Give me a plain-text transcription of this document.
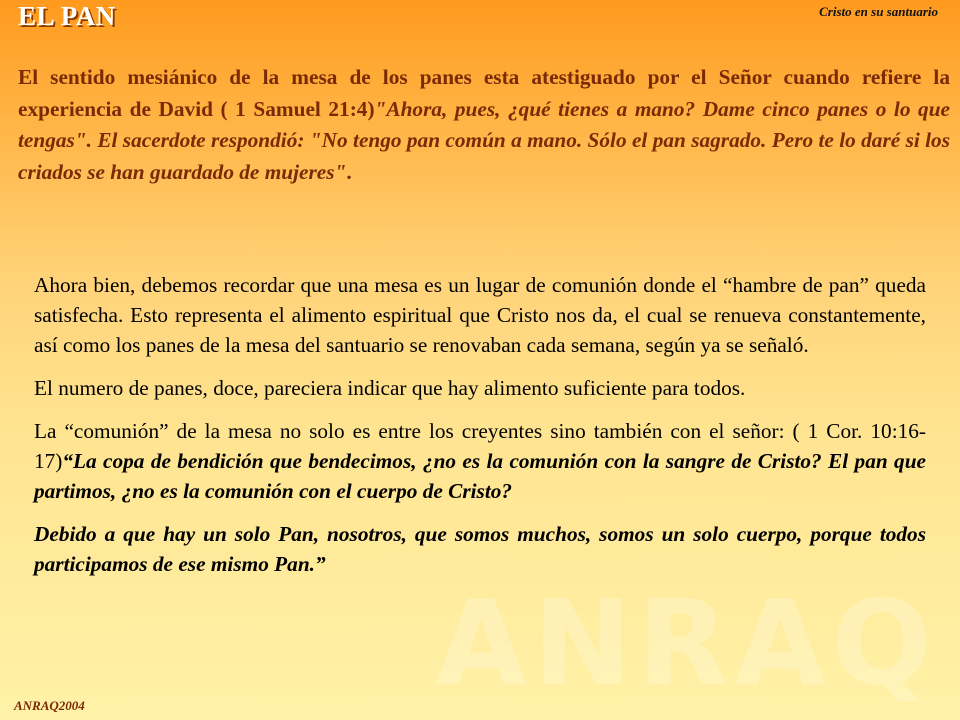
ANRAQ
EL PAN	Cristo en su santuario

El sentido mesiánico de la mesa de los panes esta atestiguado por el Señor cuando refiere la experiencia de David ( 1 Samuel 21:4)"Ahora, pues, ¿qué tienes a mano? Dame cinco panes o lo que tengas". El sacerdote respondió: "No tengo pan común a mano. Sólo el pan sagrado. Pero te lo daré si los criados se han guardado de mujeres".

Ahora bien, debemos recordar que una mesa es un lugar de comunión donde el “hambre de pan” queda satisfecha. Esto representa el alimento espiritual que Cristo nos da, el cual se renueva constantemente, así como los panes de la mesa del santuario se renovaban cada semana, según ya se señaló.

El numero de panes, doce, pareciera indicar que hay alimento suficiente para todos.

La “comunión” de la mesa no solo es entre los creyentes sino también con el señor: ( 1 Cor. 10:16-17)“La copa de bendición que bendecimos, ¿no es la comunión con la sangre de Cristo? El pan que partimos, ¿no es la comunión con el cuerpo de Cristo?

Debido a que hay un solo Pan, nosotros, que somos muchos, somos un solo cuerpo, porque todos participamos de ese mismo Pan.”

ANRAQ2004
